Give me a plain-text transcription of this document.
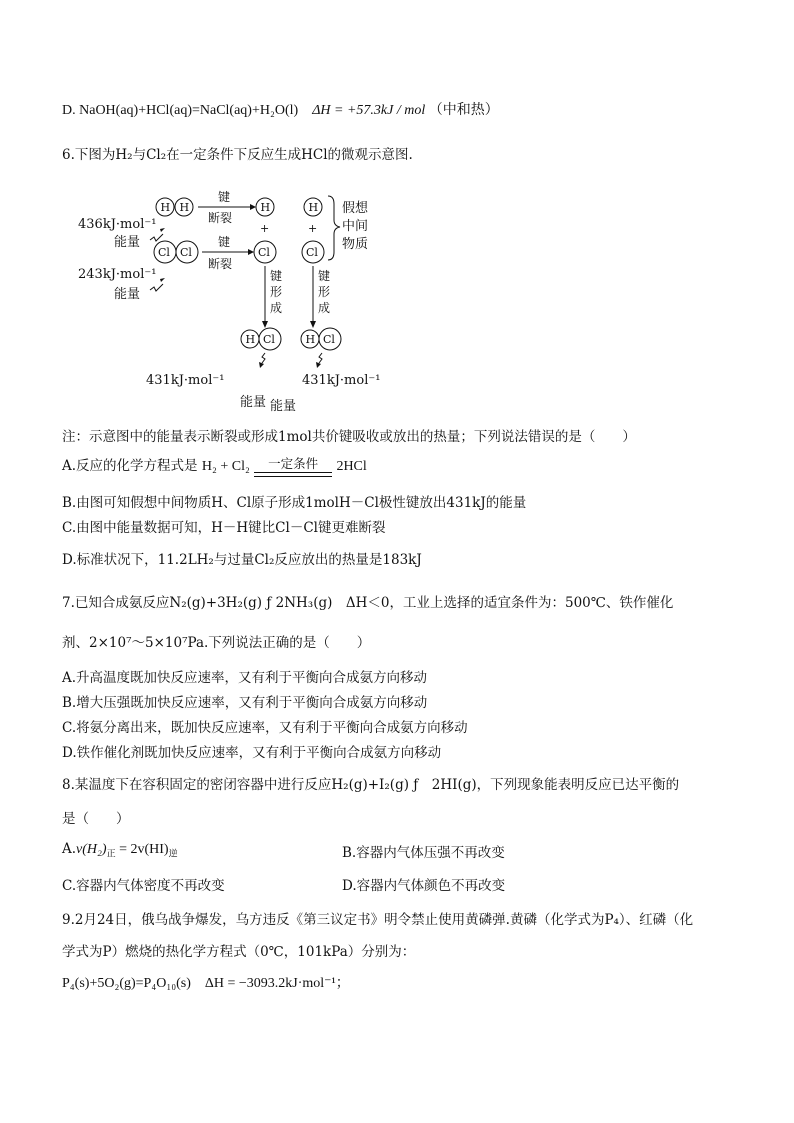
D. NaOH(aq)+HCl(aq)=NaCl(aq)+H₂O(l) ΔH = +57.3kJ / mol （中和热）
6.下图为H₂与Cl₂在一定条件下反应生成HCl的微观示意图.
H H
键
断裂
H
+
H
+
Cl Cl
键
断裂
Cl	Cl
假想
中间
物质
436kJ·mol⁻¹
能量
243kJ·mol⁻¹
能量
键
形
成
键
形
成
H Cl	H Cl
431kJ·mol⁻¹	431kJ·mol⁻¹
能量 能量
注：示意图中的能量表示断裂或形成1mol共价键吸收或放出的热量；下列说法错误的是（　　）
A.反应的化学方程式是 H₂ + Cl₂	一定条件	2HCl
B.由图可知假想中间物质H、Cl原子形成1molH－Cl极性键放出431kJ的能量
C.由图中能量数据可知，H－H键比Cl－Cl键更难断裂
D.标准状况下，11.2LH₂与过量Cl₂反应放出的热量是183kJ
7.已知合成氨反应N₂(g)+3H₂(g) ƒ 2NH₃(g)　ΔH＜0，工业上选择的适宜条件为：500℃、铁作催化
剂、2×10⁷～5×10⁷Pa.下列说法正确的是（　　）
A.升高温度既加快反应速率，又有利于平衡向合成氨方向移动
B.增大压强既加快反应速率，又有利于平衡向合成氨方向移动
C.将氨分离出来，既加快反应速率，又有利于平衡向合成氨方向移动
D.铁作催化剂既加快反应速率，又有利于平衡向合成氨方向移动
8.某温度下在容积固定的密闭容器中进行反应H₂(g)+I₂(g) ƒ　2HI(g)，下列现象能表明反应已达平衡的
是（　　）
$A.v(H_2)_正 = 2v(HI)_逆$	B.容器内气体压强不再改变
C.容器内气体密度不再改变	D.容器内气体颜色不再改变
9.2月24日，俄乌战争爆发，乌方违反《第三议定书》明令禁止使用黄磷弹.黄磷（化学式为P₄）、红磷（化
学式为P）燃烧的热化学方程式（0℃，101kPa）分别为：
P₄(s)+5O₂(g)=P₄O₁₀(s)　ΔH = −3093.2kJ·mol⁻¹；
